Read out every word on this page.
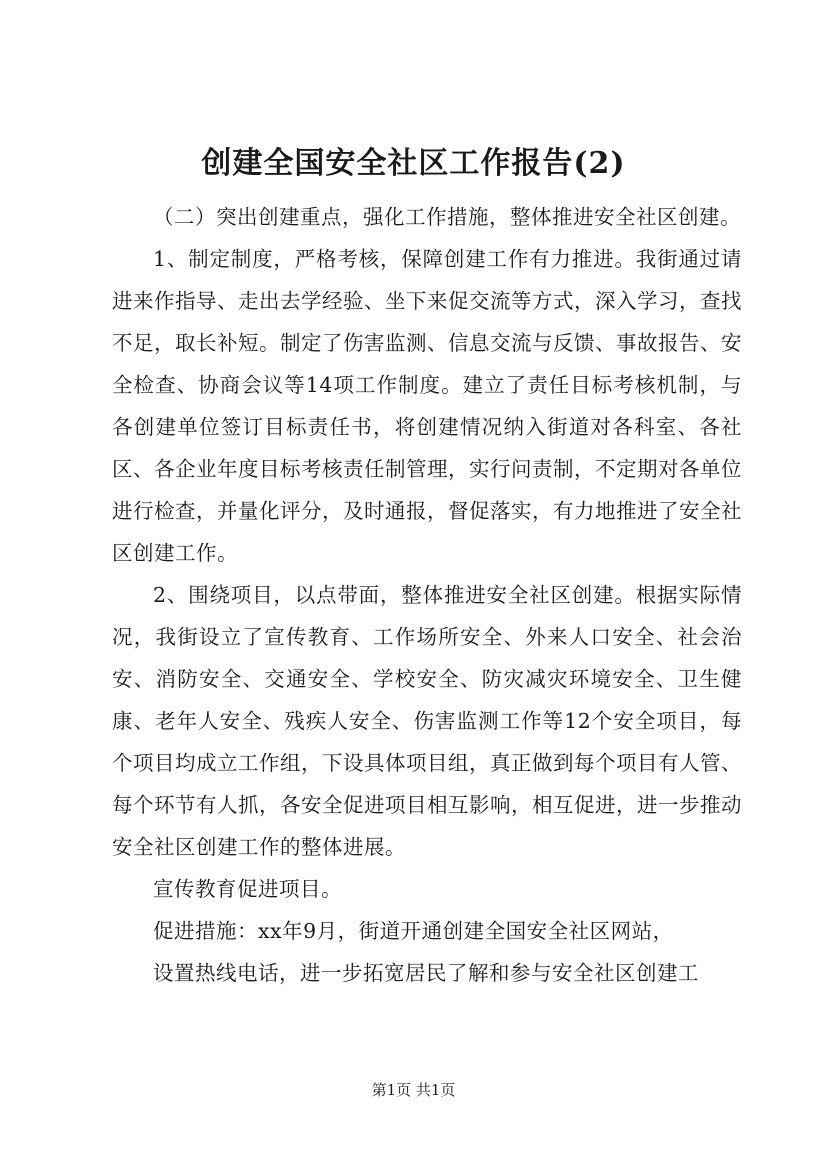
创建全国安全社区工作报告(2)

（二）突出创建重点，强化工作措施，整体推进安全社区创建。

1、制定制度，严格考核，保障创建工作有力推进。我街通过请进来作指导、走出去学经验、坐下来促交流等方式，深入学习，查找不足，取长补短。制定了伤害监测、信息交流与反馈、事故报告、安全检查、协商会议等14项工作制度。建立了责任目标考核机制，与各创建单位签订目标责任书，将创建情况纳入街道对各科室、各社区、各企业年度目标考核责任制管理，实行问责制，不定期对各单位进行检查，并量化评分，及时通报，督促落实，有力地推进了安全社区创建工作。

2、围绕项目，以点带面，整体推进安全社区创建。根据实际情况，我街设立了宣传教育、工作场所安全、外来人口安全、社会治安、消防安全、交通安全、学校安全、防灾减灾环境安全、卫生健康、老年人安全、残疾人安全、伤害监测工作等12个安全项目，每个项目均成立工作组，下设具体项目组，真正做到每个项目有人管、每个环节有人抓，各安全促进项目相互影响，相互促进，进一步推动安全社区创建工作的整体进展。

宣传教育促进项目。

促进措施：xx年9月，街道开通创建全国安全社区网站，

设置热线电话，进一步拓宽居民了解和参与安全社区创建工

第1页 共1页
